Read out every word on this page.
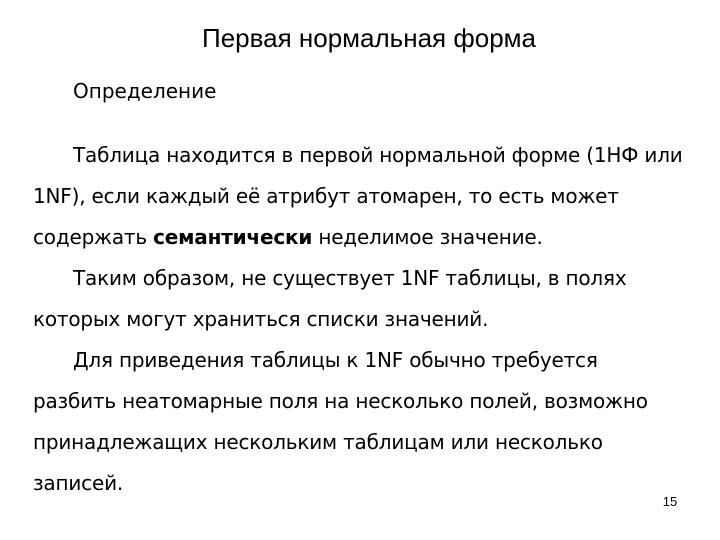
Первая нормальная форма
Определение

Таблица находится в первой нормальной форме (1НФ или 1NF), если каждый её атрибут атомарен, то есть может содержать семантически неделимое значение.

Таким образом, не существует 1NF таблицы, в полях которых могут храниться списки значений.

Для приведения таблицы к 1NF обычно требуется разбить неатомарные поля на несколько полей, возможно принадлежащих нескольким таблицам или несколько записей.

15
